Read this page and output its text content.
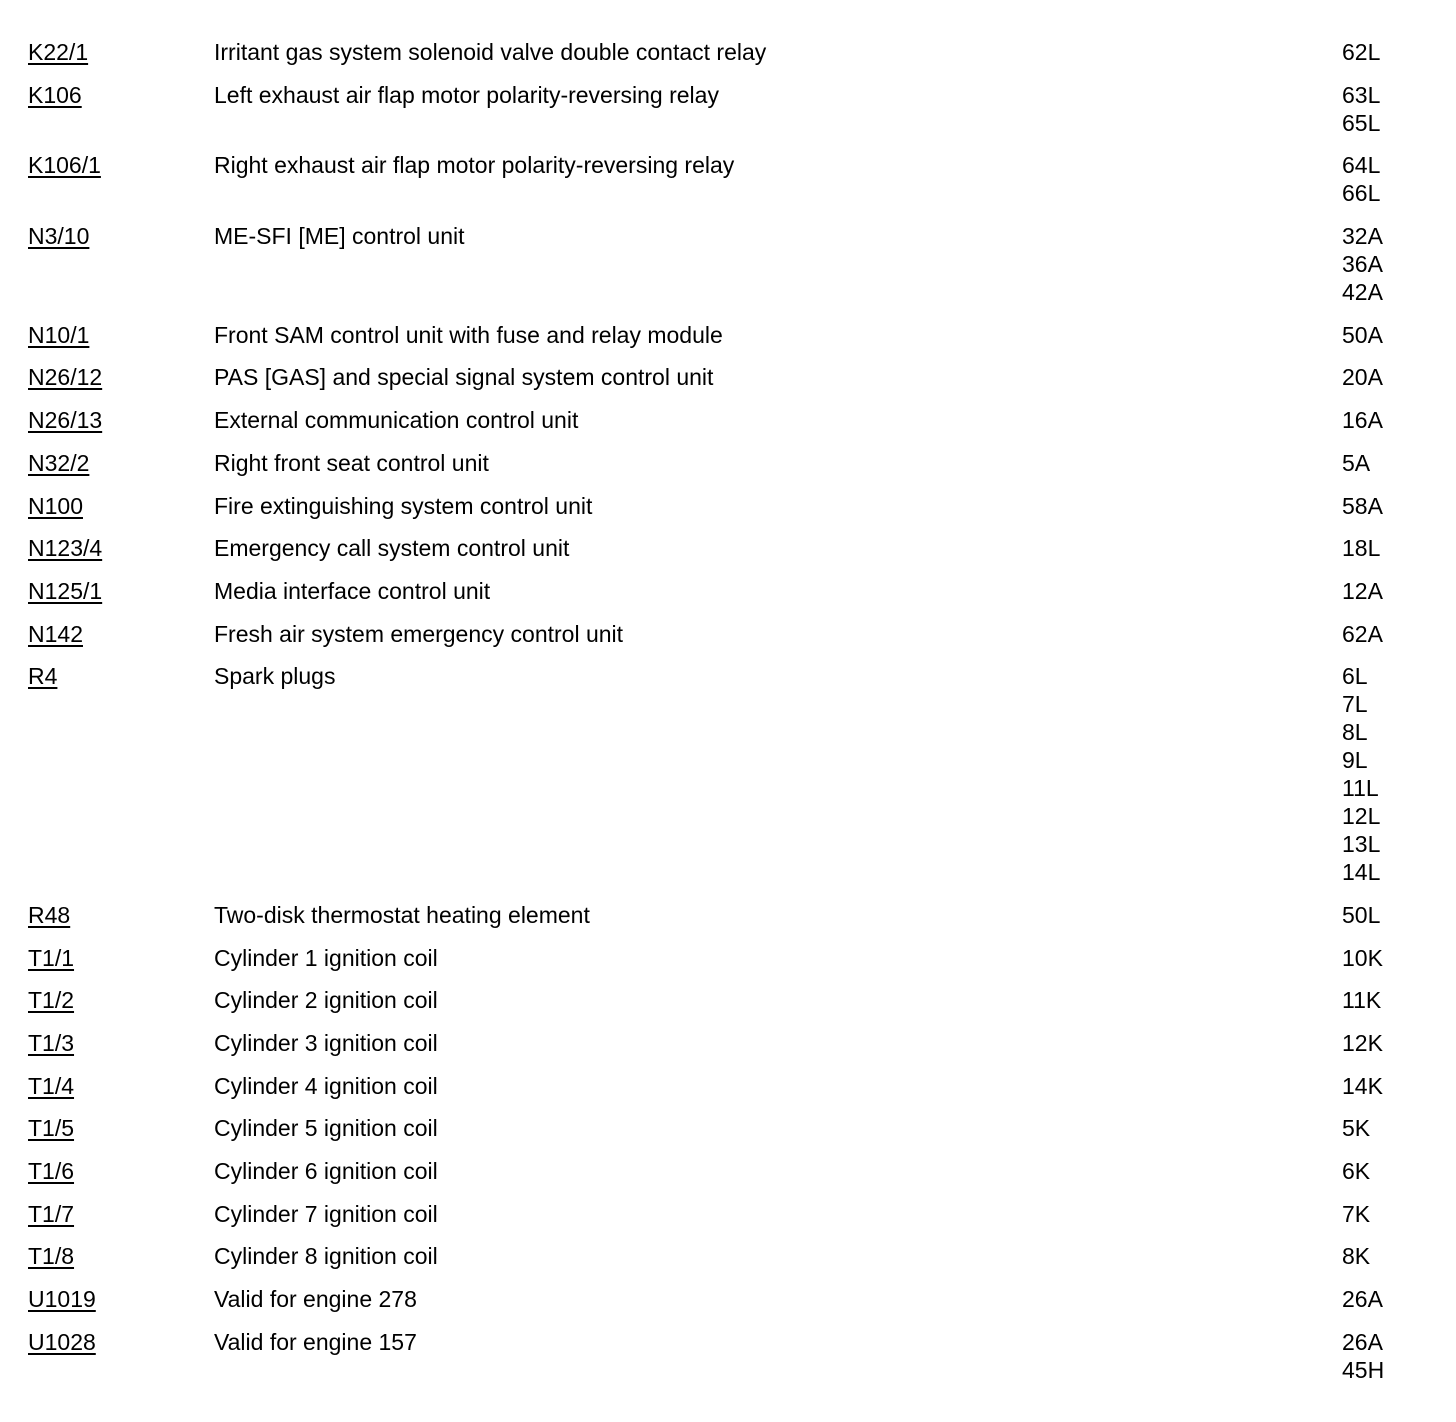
K22/1	Irritant gas system solenoid valve double contact relay	62L
K106	Left exhaust air flap motor polarity-reversing relay	63L
65L
K106/1	Right exhaust air flap motor polarity-reversing relay	64L
66L
N3/10	ME-SFI [ME] control unit	32A
36A
42A
N10/1	Front SAM control unit with fuse and relay module	50A
N26/12	PAS [GAS] and special signal system control unit	20A
N26/13	External communication control unit	16A
N32/2	Right front seat control unit	5A
N100	Fire extinguishing system control unit	58A
N123/4	Emergency call system control unit	18L
N125/1	Media interface control unit	12A
N142	Fresh air system emergency control unit	62A
R4	Spark plugs	6L
7L
8L
9L
11L
12L
13L
14L
R48	Two-disk thermostat heating element	50L
T1/1	Cylinder 1 ignition coil	10K
T1/2	Cylinder 2 ignition coil	11K
T1/3	Cylinder 3 ignition coil	12K
T1/4	Cylinder 4 ignition coil	14K
T1/5	Cylinder 5 ignition coil	5K
T1/6	Cylinder 6 ignition coil	6K
T1/7	Cylinder 7 ignition coil	7K
T1/8	Cylinder 8 ignition coil	8K
U1019	Valid for engine 278	26A
U1028	Valid for engine 157	26A
45H
